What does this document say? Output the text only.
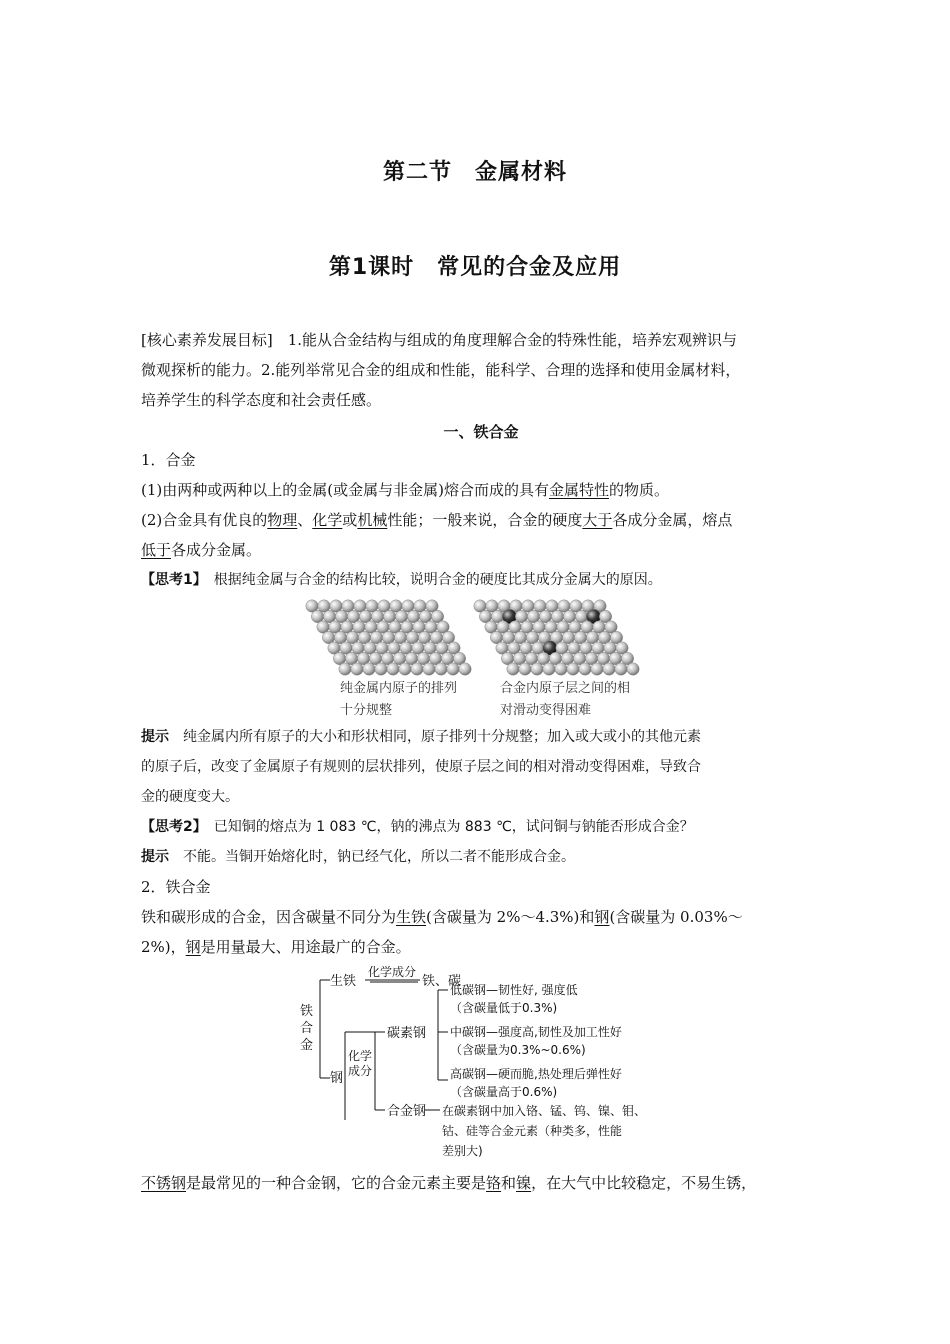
第二节　金属材料
第1课时　常见的合金及应用

[核心素养发展目标]　1.能从合金结构与组成的角度理解合金的特殊性能，培养宏观辨识与

微观探析的能力。2.能列举常见合金的组成和性能，能科学、合理的选择和使用金属材料，

培养学生的科学态度和社会责任感。

一、铁合金

1．合金

(1)由两种或两种以上的金属(或金属与非金属)熔合而成的具有金属特性的物质。

(2)合金具有优良的物理、化学或机械性能；一般来说，合金的硬度大于各成分金属，熔点

低于各成分金属。

【思考1】　根据纯金属与合金的结构比较，说明合金的硬度比其成分金属大的原因。

纯金属内原子的排列
十分规整
合金内原子层之间的相
对滑动变得困难

提示　纯金属内所有原子的大小和形状相同，原子排列十分规整；加入或大或小的其他元素

的原子后，改变了金属原子有规则的层状排列，使原子层之间的相对滑动变得困难，导致合

金的硬度变大。

【思考2】　已知铜的熔点为 1 083 ℃，钠的沸点为 883 ℃，试问铜与钠能否形成合金？

提示　不能。当铜开始熔化时，钠已经气化，所以二者不能形成合金。

2．铁合金

铁和碳形成的合金，因含碳量不同分为生铁(含碳量为 2%～4.3%)和钢(含碳量为 0.03%～

2%)，钢是用量最大、用途最广的合金。

铁
合
金
生铁
化学成分
铁、碳
钢
化学
成分
碳素钢
低碳钢—韧性好, 强度低
（含碳量低于0.3%)
中碳钢—强度高,韧性及加工性好
（含碳量为0.3%~0.6%)
高碳钢—硬而脆,热处理后弹性好
（含碳量高于0.6%)
合金钢 在碳素钢中加入铬、锰、钨、镍、钼、
钴、硅等合金元素（种类多，性能
差别大)

不锈钢是最常见的一种合金钢，它的合金元素主要是铬和镍，在大气中比较稳定，不易生锈，
